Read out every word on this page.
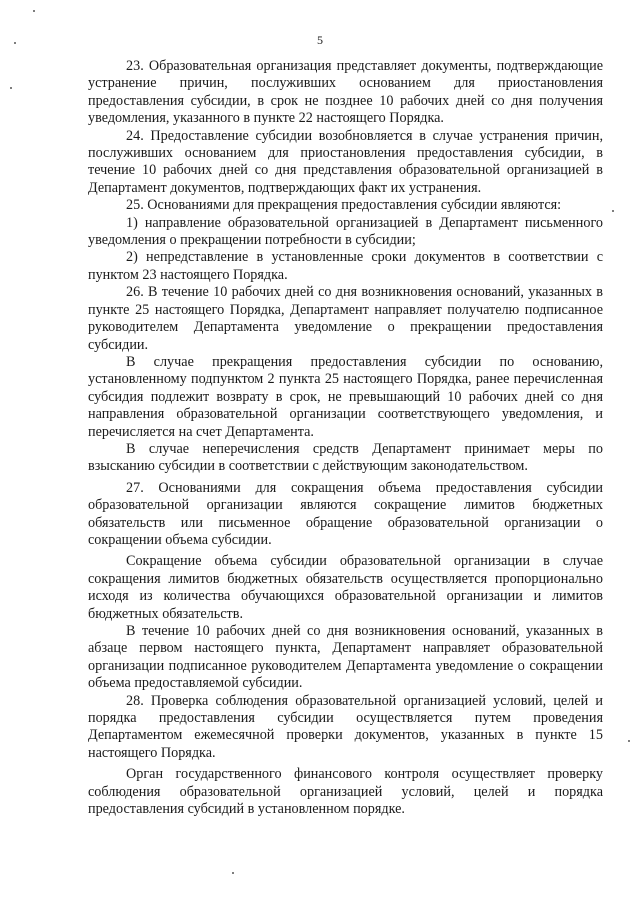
5

23. Образовательная организация представляет документы, подтверждающие устранение причин, послуживших основанием для приостановления предоставления субсидии, в срок не позднее 10 рабочих дней со дня получения уведомления, указанного в пункте 22 настоящего Порядка.

24. Предоставление субсидии возобновляется в случае устранения причин, послуживших основанием для приостановления предоставления субсидии, в течение 10 рабочих дней со дня представления образовательной организацией в Департамент документов, подтверждающих факт их устранения.

25. Основаниями для прекращения предоставления субсидии являются:

1) направление образовательной организацией в Департамент письменного уведомления о прекращении потребности в субсидии;

2) непредставление в установленные сроки документов в соответствии с пунктом 23 настоящего Порядка.

26. В течение 10 рабочих дней со дня возникновения оснований, указанных в пункте 25 настоящего Порядка, Департамент направляет получателю подписанное руководителем Департамента уведомление о прекращении предоставления субсидии.

В случае прекращения предоставления субсидии по основанию, установленному подпунктом 2 пункта 25 настоящего Порядка, ранее перечисленная субсидия подлежит возврату в срок, не превышающий 10 рабочих дней со дня направления образовательной организации соответствующего уведомления, и перечисляется на счет Департамента.

В случае неперечисления средств Департамент принимает меры по взысканию субсидии в соответствии с действующим законодательством.

27. Основаниями для сокращения объема предоставления субсидии образовательной организации являются сокращение лимитов бюджетных обязательств или письменное обращение образовательной организации о сокращении объема субсидии.

Сокращение объема субсидии образовательной организации в случае сокращения лимитов бюджетных обязательств осуществляется пропорционально исходя из количества обучающихся образовательной организации и лимитов бюджетных обязательств.

В течение 10 рабочих дней со дня возникновения оснований, указанных в абзаце первом настоящего пункта, Департамент направляет образовательной организации подписанное руководителем Департамента уведомление о сокращении объема предоставляемой субсидии.

28. Проверка соблюдения образовательной организацией условий, целей и порядка предоставления субсидии осуществляется путем проведения Департаментом ежемесячной проверки документов, указанных в пункте 15 настоящего Порядка.

Орган государственного финансового контроля осуществляет проверку соблюдения образовательной организацией условий, целей и порядка предоставления субсидий в установленном порядке.
